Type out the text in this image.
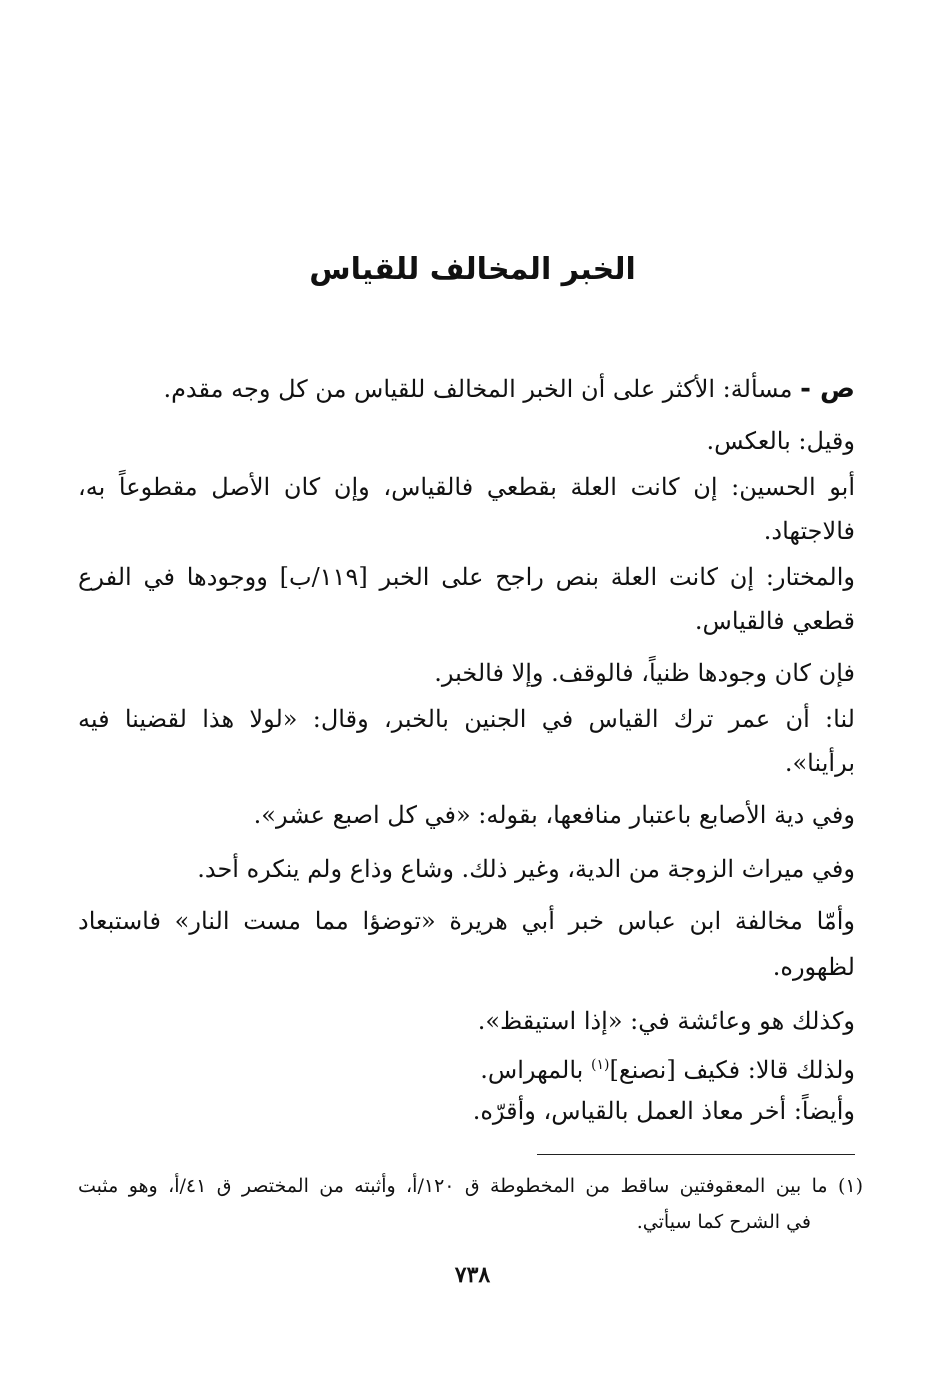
الخبر المخالف للقياس
ص - مسألة: الأكثر على أن الخبر المخالف للقياس من كل وجه مقدم.
وقيل: بالعكس.
أبو الحسين: إن كانت العلة بقطعي فالقياس، وإن كان الأصل مقطوعاً به،
فالاجتهاد.
والمختار: إن كانت العلة بنص راجح على الخبر [١١٩/ب] ووجودها في الفرع
قطعي فالقياس.
فإن كان وجودها ظنياً، فالوقف. وإلا فالخبر.
لنا: أن عمر ترك القياس في الجنين بالخبر، وقال: «لولا هذا لقضينا فيه
برأينا».
وفي دية الأصابع باعتبار منافعها، بقوله: «في كل اصبع عشر».
وفي ميراث الزوجة من الدية، وغير ذلك. وشاع وذاع ولم ينكره أحد.
وأمّا مخالفة ابن عباس خبر أبي هريرة «توضؤا مما مست النار» فاستبعاد
لظهوره.
وكذلك هو وعائشة في: «إذا استيقظ».
ولذلك قالا: فكيف [نصنع]$^{(١)}$ بالمهراس.
وأيضاً: أخر معاذ العمل بالقياس، وأقرّه.
(١) ما بين المعقوفتين ساقط من المخطوطة ق ١٢٠/أ، وأثبته من المختصر ق ٤١/أ، وهو مثبت
في الشرح كما سيأتي.
٧٣٨
